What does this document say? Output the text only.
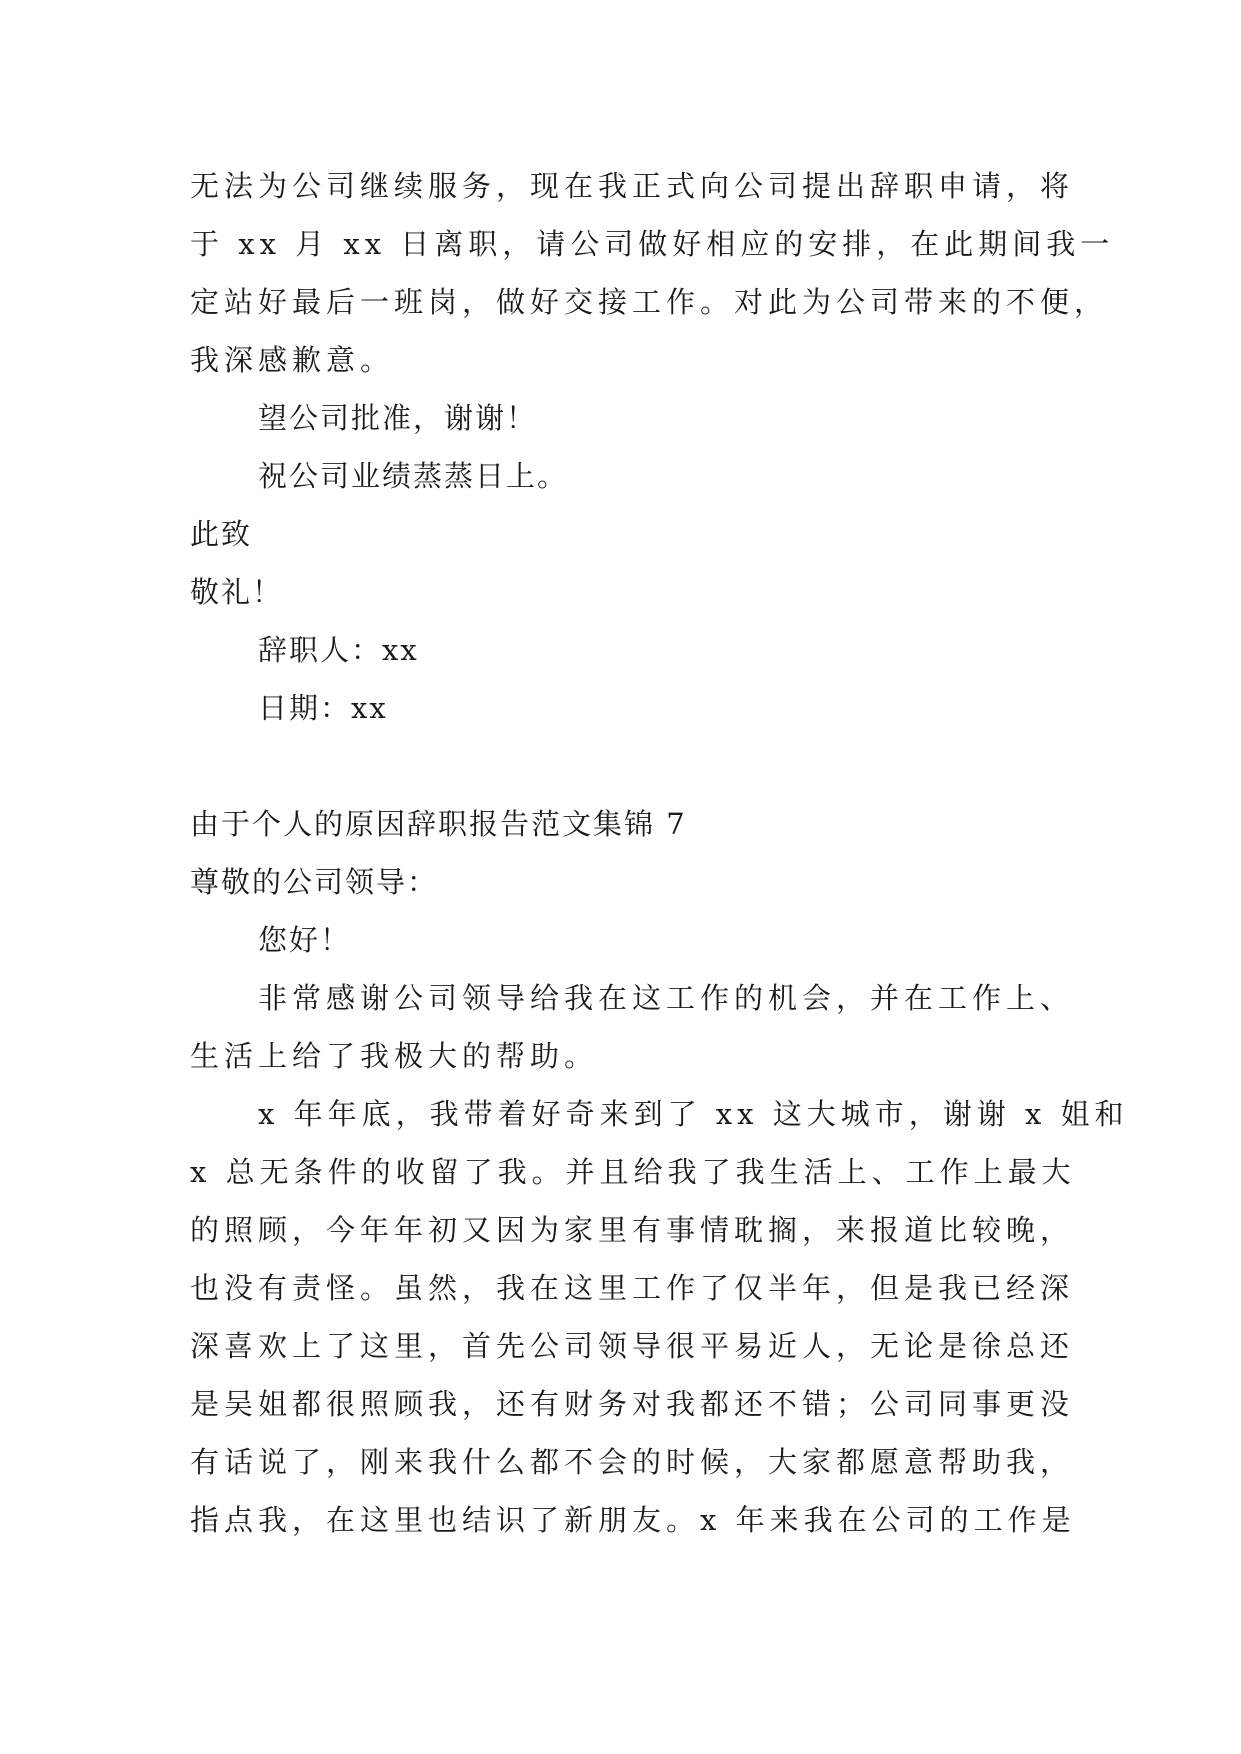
无法为公司继续服务，现在我正式向公司提出辞职申请，将
于 xx 月 xx 日离职，请公司做好相应的安排，在此期间我一
定站好最后一班岗，做好交接工作。对此为公司带来的不便，
我深感歉意。
望公司批准，谢谢！
祝公司业绩蒸蒸日上。
此致
敬礼！
辞职人：xx
日期：xx
由于个人的原因辞职报告范文集锦 7
尊敬的公司领导：
您好！
非常感谢公司领导给我在这工作的机会，并在工作上、
生活上给了我极大的帮助。
x 年年底，我带着好奇来到了 xx 这大城市，谢谢 x 姐和
x 总无条件的收留了我。并且给我了我生活上、工作上最大
的照顾，今年年初又因为家里有事情耽搁，来报道比较晚，
也没有责怪。虽然，我在这里工作了仅半年，但是我已经深
深喜欢上了这里，首先公司领导很平易近人，无论是徐总还
是吴姐都很照顾我，还有财务对我都还不错；公司同事更没
有话说了，刚来我什么都不会的时候，大家都愿意帮助我，
指点我，在这里也结识了新朋友。x 年来我在公司的工作是
